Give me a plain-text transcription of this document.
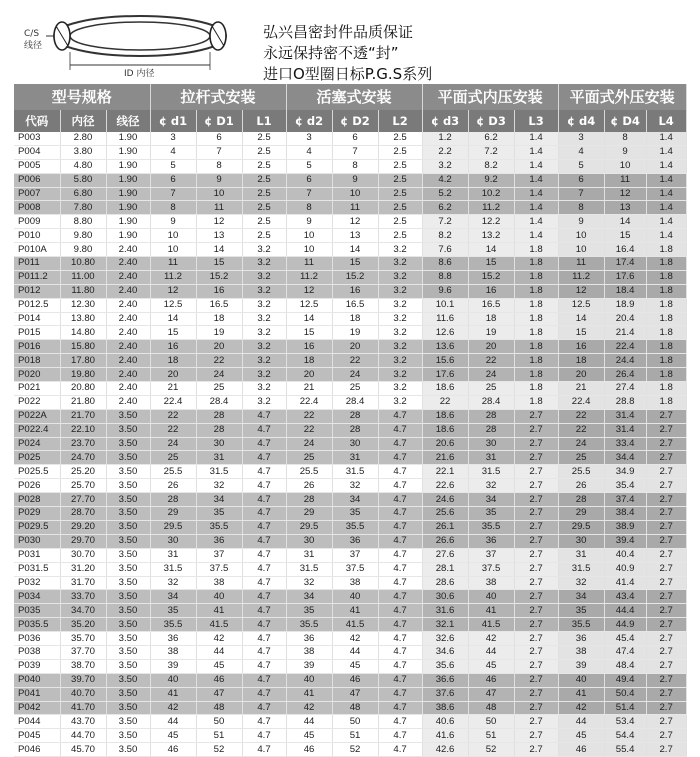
C/S
线径
ID 内径
弘兴昌密封件品质保证
永远保持密不透“封”
进口O型圈日标P.G.S系列
型号规格			拉杆式安装			活塞式安装			平面式内压安装			平面式外压安装		
代码	内径	线径	¢ d1	¢ D1	L1	¢ d2	¢ D2	L2	¢ d3	¢ D3	L3	¢ d4	¢ D4	L4
P003	2.80	1.90	3	6	2.5	3	6	2.5	1.2	6.2	1.4	3	8	1.4
P004	3.80	1.90	4	7	2.5	4	7	2.5	2.2	7.2	1.4	4	9	1.4
P005	4.80	1.90	5	8	2.5	5	8	2.5	3.2	8.2	1.4	5	10	1.4
P006	5.80	1.90	6	9	2.5	6	9	2.5	4.2	9.2	1.4	6	11	1.4
P007	6.80	1.90	7	10	2.5	7	10	2.5	5.2	10.2	1.4	7	12	1.4
P008	7.80	1.90	8	11	2.5	8	11	2.5	6.2	11.2	1.4	8	13	1.4
P009	8.80	1.90	9	12	2.5	9	12	2.5	7.2	12.2	1.4	9	14	1.4
P010	9.80	1.90	10	13	2.5	10	13	2.5	8.2	13.2	1.4	10	15	1.4
P010A	9.80	2.40	10	14	3.2	10	14	3.2	7.6	14	1.8	10	16.4	1.8
P011	10.80	2.40	11	15	3.2	11	15	3.2	8.6	15	1.8	11	17.4	1.8
P011.2	11.00	2.40	11.2	15.2	3.2	11.2	15.2	3.2	8.8	15.2	1.8	11.2	17.6	1.8
P012	11.80	2.40	12	16	3.2	12	16	3.2	9.6	16	1.8	12	18.4	1.8
P012.5	12.30	2.40	12.5	16.5	3.2	12.5	16.5	3.2	10.1	16.5	1.8	12.5	18.9	1.8
P014	13.80	2.40	14	18	3.2	14	18	3.2	11.6	18	1.8	14	20.4	1.8
P015	14.80	2.40	15	19	3.2	15	19	3.2	12.6	19	1.8	15	21.4	1.8
P016	15.80	2.40	16	20	3.2	16	20	3.2	13.6	20	1.8	16	22.4	1.8
P018	17.80	2.40	18	22	3.2	18	22	3.2	15.6	22	1.8	18	24.4	1.8
P020	19.80	2.40	20	24	3.2	20	24	3.2	17.6	24	1.8	20	26.4	1.8
P021	20.80	2.40	21	25	3.2	21	25	3.2	18.6	25	1.8	21	27.4	1.8
P022	21.80	2.40	22.4	28.4	3.2	22.4	28.4	3.2	22	28.4	1.8	22.4	28.8	1.8
P022A	21.70	3.50	22	28	4.7	22	28	4.7	18.6	28	2.7	22	31.4	2.7
P022.4	22.10	3.50	22	28	4.7	22	28	4.7	18.6	28	2.7	22	31.4	2.7
P024	23.70	3.50	24	30	4.7	24	30	4.7	20.6	30	2.7	24	33.4	2.7
P025	24.70	3.50	25	31	4.7	25	31	4.7	21.6	31	2.7	25	34.4	2.7
P025.5	25.20	3.50	25.5	31.5	4.7	25.5	31.5	4.7	22.1	31.5	2.7	25.5	34.9	2.7
P026	25.70	3.50	26	32	4.7	26	32	4.7	22.6	32	2.7	26	35.4	2.7
P028	27.70	3.50	28	34	4.7	28	34	4.7	24.6	34	2.7	28	37.4	2.7
P029	28.70	3.50	29	35	4.7	29	35	4.7	25.6	35	2.7	29	38.4	2.7
P029.5	29.20	3.50	29.5	35.5	4.7	29.5	35.5	4.7	26.1	35.5	2.7	29.5	38.9	2.7
P030	29.70	3.50	30	36	4.7	30	36	4.7	26.6	36	2.7	30	39.4	2.7
P031	30.70	3.50	31	37	4.7	31	37	4.7	27.6	37	2.7	31	40.4	2.7
P031.5	31.20	3.50	31.5	37.5	4.7	31.5	37.5	4.7	28.1	37.5	2.7	31.5	40.9	2.7
P032	31.70	3.50	32	38	4.7	32	38	4.7	28.6	38	2.7	32	41.4	2.7
P034	33.70	3.50	34	40	4.7	34	40	4.7	30.6	40	2.7	34	43.4	2.7
P035	34.70	3.50	35	41	4.7	35	41	4.7	31.6	41	2.7	35	44.4	2.7
P035.5	35.20	3.50	35.5	41.5	4.7	35.5	41.5	4.7	32.1	41.5	2.7	35.5	44.9	2.7
P036	35.70	3.50	36	42	4.7	36	42	4.7	32.6	42	2.7	36	45.4	2.7
P038	37.70	3.50	38	44	4.7	38	44	4.7	34.6	44	2.7	38	47.4	2.7
P039	38.70	3.50	39	45	4.7	39	45	4.7	35.6	45	2.7	39	48.4	2.7
P040	39.70	3.50	40	46	4.7	40	46	4.7	36.6	46	2.7	40	49.4	2.7
P041	40.70	3.50	41	47	4.7	41	47	4.7	37.6	47	2.7	41	50.4	2.7
P042	41.70	3.50	42	48	4.7	42	48	4.7	38.6	48	2.7	42	51.4	2.7
P044	43.70	3.50	44	50	4.7	44	50	4.7	40.6	50	2.7	44	53.4	2.7
P045	44.70	3.50	45	51	4.7	45	51	4.7	41.6	51	2.7	45	54.4	2.7
P046	45.70	3.50	46	52	4.7	46	52	4.7	42.6	52	2.7	46	55.4	2.7
